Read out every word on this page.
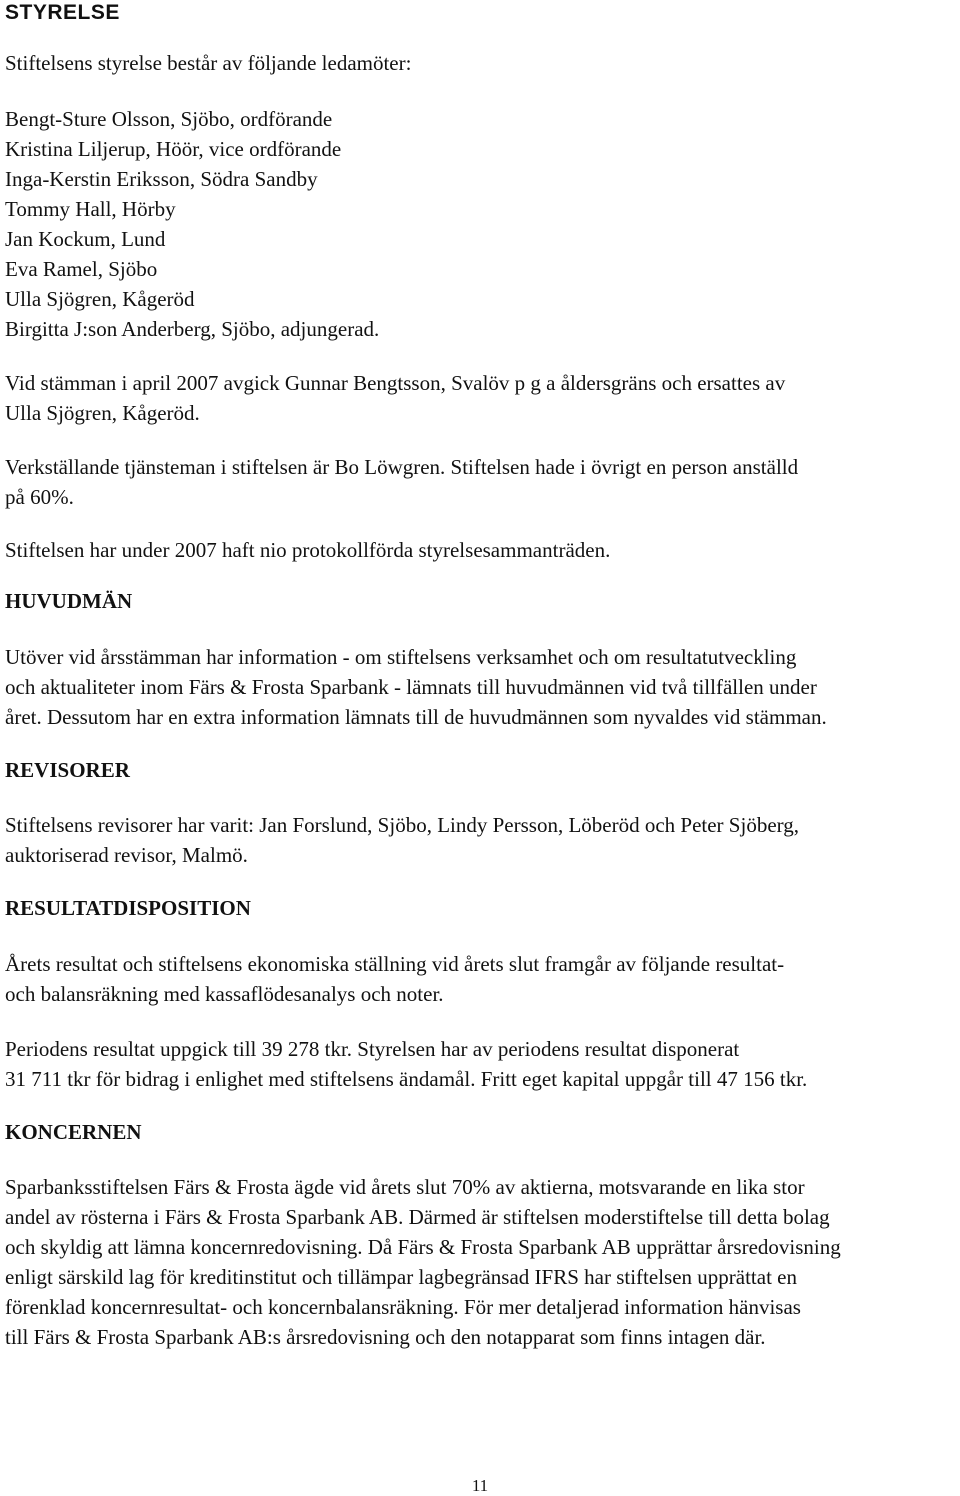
STYRELSE
Stiftelsens styrelse består av följande ledamöter:
Bengt-Sture Olsson, Sjöbo, ordförande
Kristina Liljerup, Höör, vice ordförande
Inga-Kerstin Eriksson, Södra Sandby
Tommy Hall, Hörby
Jan Kockum, Lund
Eva Ramel, Sjöbo
Ulla Sjögren, Kågeröd
Birgitta J:son Anderberg, Sjöbo, adjungerad.
Vid stämman i april 2007 avgick Gunnar Bengtsson, Svalöv p g a åldersgräns och ersattes av
Ulla Sjögren, Kågeröd.
Verkställande tjänsteman i stiftelsen är Bo Löwgren. Stiftelsen hade i övrigt en person anställd
på 60%.
Stiftelsen har under 2007 haft nio protokollförda styrelsesammanträden.
HUVUDMÄN
Utöver vid årsstämman har information - om stiftelsens verksamhet och om resultatutveckling
och aktualiteter inom Färs & Frosta Sparbank - lämnats till huvudmännen vid två tillfällen under
året. Dessutom har en extra information lämnats till de huvudmännen som nyvaldes vid stämman.
REVISORER
Stiftelsens revisorer har varit: Jan Forslund, Sjöbo, Lindy Persson, Löberöd och Peter Sjöberg,
auktoriserad revisor, Malmö.
RESULTATDISPOSITION
Årets resultat och stiftelsens ekonomiska ställning vid årets slut framgår av följande resultat-
och balansräkning med kassaflödesanalys och noter.
Periodens resultat uppgick till 39 278 tkr. Styrelsen har av periodens resultat disponerat
31 711 tkr för bidrag i enlighet med stiftelsens ändamål. Fritt eget kapital uppgår till 47 156 tkr.
KONCERNEN
Sparbanksstiftelsen Färs & Frosta ägde vid årets slut 70% av aktierna, motsvarande en lika stor
andel av rösterna i Färs & Frosta Sparbank AB. Därmed är stiftelsen moderstiftelse till detta bolag
och skyldig att lämna koncernredovisning. Då Färs & Frosta Sparbank AB upprättar årsredovisning
enligt särskild lag för kreditinstitut och tillämpar lagbegränsad IFRS har stiftelsen upprättat en
förenklad koncernresultat- och koncernbalansräkning. För mer detaljerad information hänvisas
till Färs & Frosta Sparbank AB:s årsredovisning och den notapparat som finns intagen där.
11
